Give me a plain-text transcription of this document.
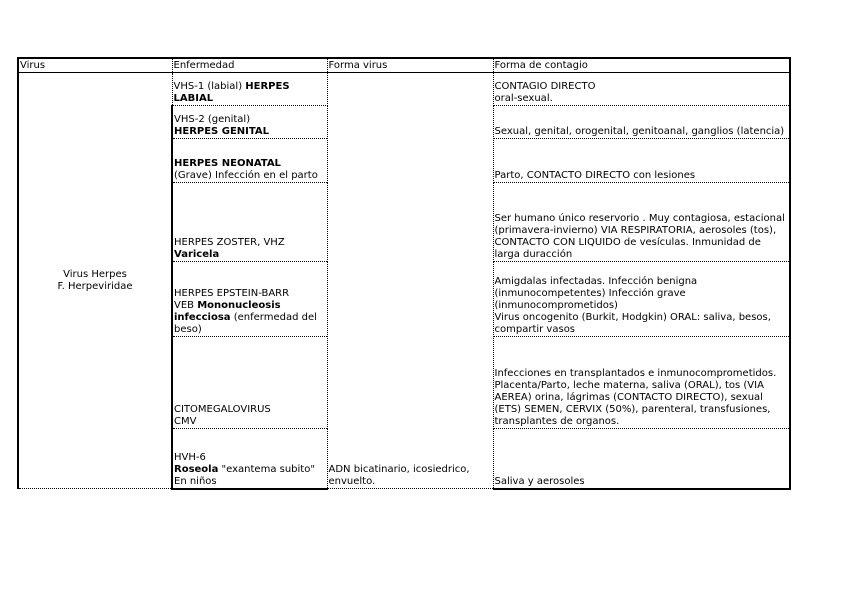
Virus	Enfermedad	Forma virus	Forma de contagio

Virus Herpes
F. Herpeviridae	VHS-1 (labial) HERPES LABIAL	ADN bicatinario, icosiedrico, envuelto.	CONTAGIO DIRECTO
oral-sexual.

	VHS-2 (genital)
HERPES GENITAL		Sexual, genital, orogenital, genitoanal, ganglios (latencia)

	HERPES NEONATAL
(Grave) Infección en el parto		Parto, CONTACTO DIRECTO con lesiones

	HERPES ZOSTER, VHZ
Varicela		Ser humano único reservorio . Muy contagiosa, estacional (primavera-invierno) VIA RESPIRATORIA, aerosoles (tos), CONTACTO CON LIQUIDO de vesículas. Inmunidad de larga duracción

	HERPES EPSTEIN-BARR
VEB Mononucleosis infecciosa (enfermedad del beso)		Amigdalas infectadas. Infección benigna (inmunocompetentes) Infección grave (inmunocomprometidos)
Virus oncogenito (Burkit, Hodgkin) ORAL: saliva, besos, compartir vasos

	CITOMEGALOVIRUS
CMV		Infecciones en transplantados e inmunocomprometidos. Placenta/Parto, leche materna, saliva (ORAL), tos (VIA AEREA) orina, lágrimas (CONTACTO DIRECTO), sexual (ETS) SEMEN, CERVIX (50%), parenteral, transfusiones, transplantes de organos.

	HVH-6
Roseola "exantema subito"
En niños		Saliva y aerosoles
